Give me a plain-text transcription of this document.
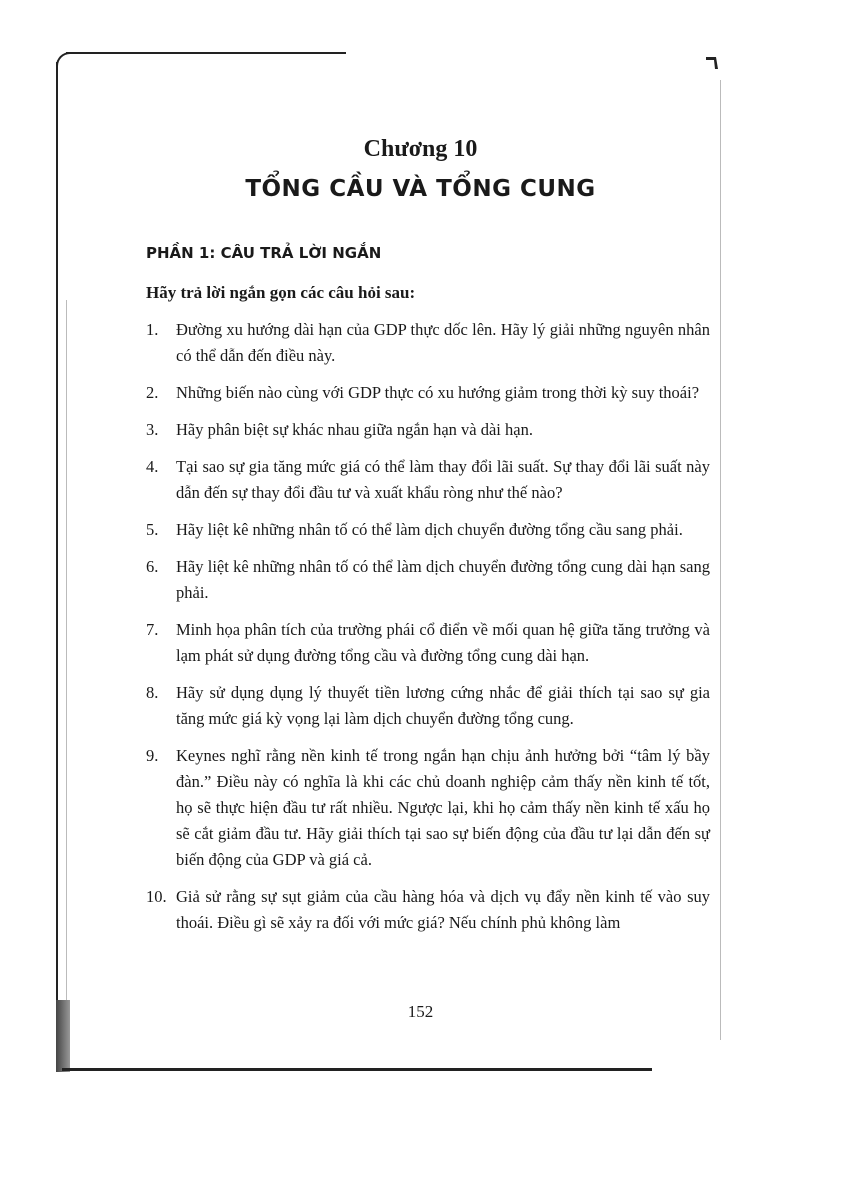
Chương 10
TỔNG CẦU VÀ TỔNG CUNG
PHẦN 1: CÂU TRẢ LỜI NGẮN
Hãy trả lời ngắn gọn các câu hỏi sau:
1. Đường xu hướng dài hạn của GDP thực dốc lên. Hãy lý giải những nguyên nhân có thể dẫn đến điều này.
2. Những biến nào cùng với GDP thực có xu hướng giảm trong thời kỳ suy thoái?
3. Hãy phân biệt sự khác nhau giữa ngắn hạn và dài hạn.
4. Tại sao sự gia tăng mức giá có thể làm thay đổi lãi suất. Sự thay đổi lãi suất này dẫn đến sự thay đổi đầu tư và xuất khẩu ròng như thế nào?
5. Hãy liệt kê những nhân tố có thể làm dịch chuyển đường tổng cầu sang phải.
6. Hãy liệt kê những nhân tố có thể làm dịch chuyển đường tổng cung dài hạn sang phải.
7. Minh họa phân tích của trường phái cổ điển về mối quan hệ giữa tăng trưởng và lạm phát sử dụng đường tổng cầu và đường tổng cung dài hạn.
8. Hãy sử dụng dụng lý thuyết tiền lương cứng nhắc để giải thích tại sao sự gia tăng mức giá kỳ vọng lại làm dịch chuyển đường tổng cung.
9. Keynes nghĩ rằng nền kinh tế trong ngắn hạn chịu ảnh hưởng bởi “tâm lý bầy đàn.” Điều này có nghĩa là khi các chủ doanh nghiệp cảm thấy nền kinh tế tốt, họ sẽ thực hiện đầu tư rất nhiều. Ngược lại, khi họ cảm thấy nền kinh tế xấu họ sẽ cắt giảm đầu tư. Hãy giải thích tại sao sự biến động của đầu tư lại dẫn đến sự biến động của GDP và giá cả.
10. Giả sử rằng sự sụt giảm của cầu hàng hóa và dịch vụ đẩy nền kinh tế vào suy thoái. Điều gì sẽ xảy ra đối với mức giá? Nếu chính phủ không làm
152
